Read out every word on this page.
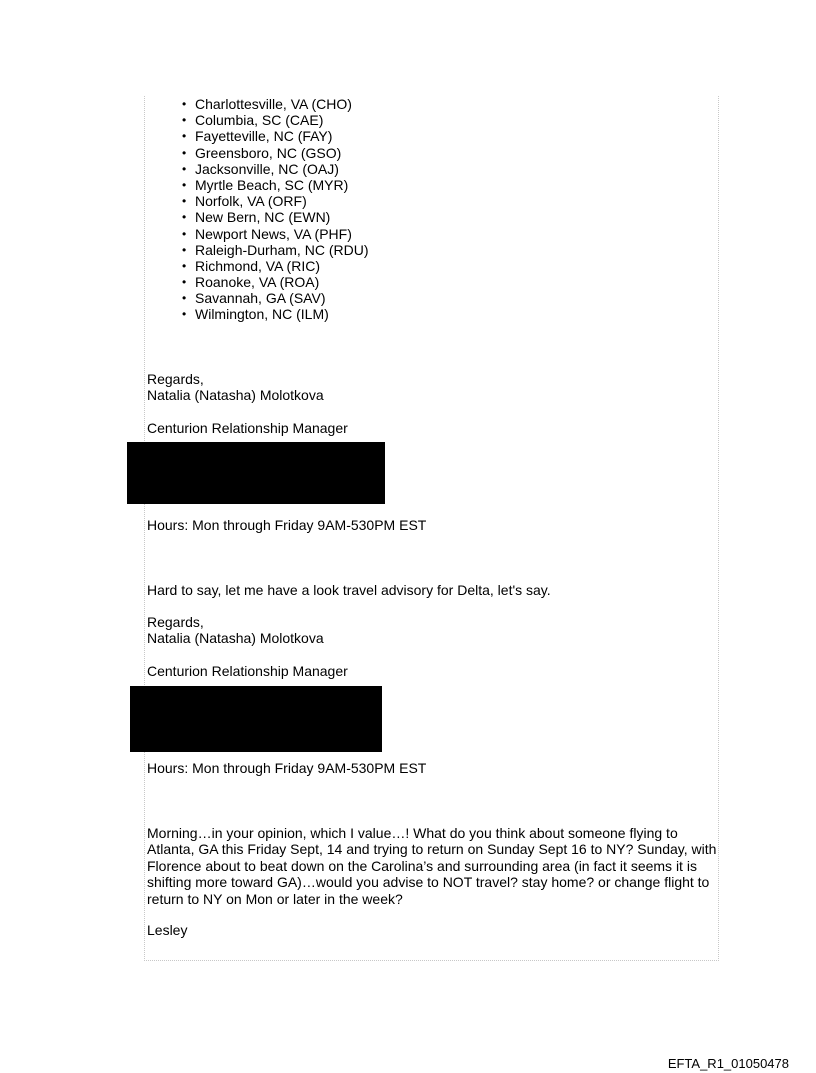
• Charlottesville, VA (CHO)
• Columbia, SC (CAE)
• Fayetteville, NC (FAY)
• Greensboro, NC (GSO)
• Jacksonville, NC (OAJ)
• Myrtle Beach, SC (MYR)
• Norfolk, VA (ORF)
• New Bern, NC (EWN)
• Newport News, VA (PHF)
• Raleigh-Durham, NC (RDU)
• Richmond, VA (RIC)
• Roanoke, VA (ROA)
• Savannah, GA (SAV)
• Wilmington, NC (ILM)
Regards,
Natalia (Natasha) Molotkova
Centurion Relationship Manager
Hours: Mon through Friday 9AM-530PM EST
Hard to say, let me have a look travel advisory for Delta, let's say.
Regards,
Natalia (Natasha) Molotkova
Centurion Relationship Manager
Hours: Mon through Friday 9AM-530PM EST
Morning…in your opinion, which I value…! What do you think about someone flying to
Atlanta, GA this Friday Sept, 14 and trying to return on Sunday Sept 16 to NY? Sunday, with
Florence about to beat down on the Carolina’s and surrounding area (in fact it seems it is
shifting more toward GA)…would you advise to NOT travel? stay home? or change flight to
return to NY on Mon or later in the week?
Lesley
EFTA_R1_01050478
